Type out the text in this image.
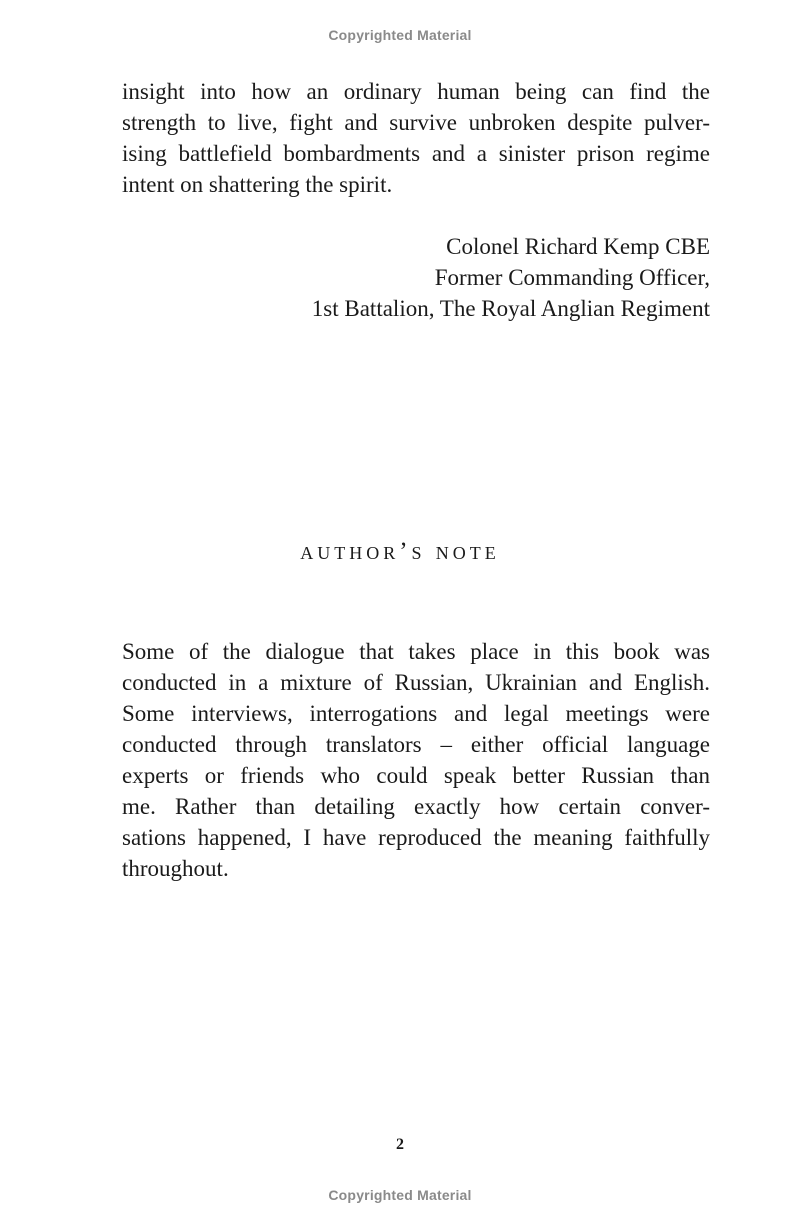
Copyrighted Material
insight into how an ordinary human being can find the
strength to live, fight and survive unbroken despite pulver-
ising battlefield bombardments and a sinister prison regime
intent on shattering the spirit.
Colonel Richard Kemp CBE
Former Commanding Officer,
1st Battalion, The Royal Anglian Regiment
author’s note
Some of the dialogue that takes place in this book was
conducted in a mixture of Russian, Ukrainian and English.
Some interviews, interrogations and legal meetings were
conducted through translators – either official language
experts or friends who could speak better Russian than
me. Rather than detailing exactly how certain conver-
sations happened, I have reproduced the meaning faithfully
throughout.
2
Copyrighted Material
